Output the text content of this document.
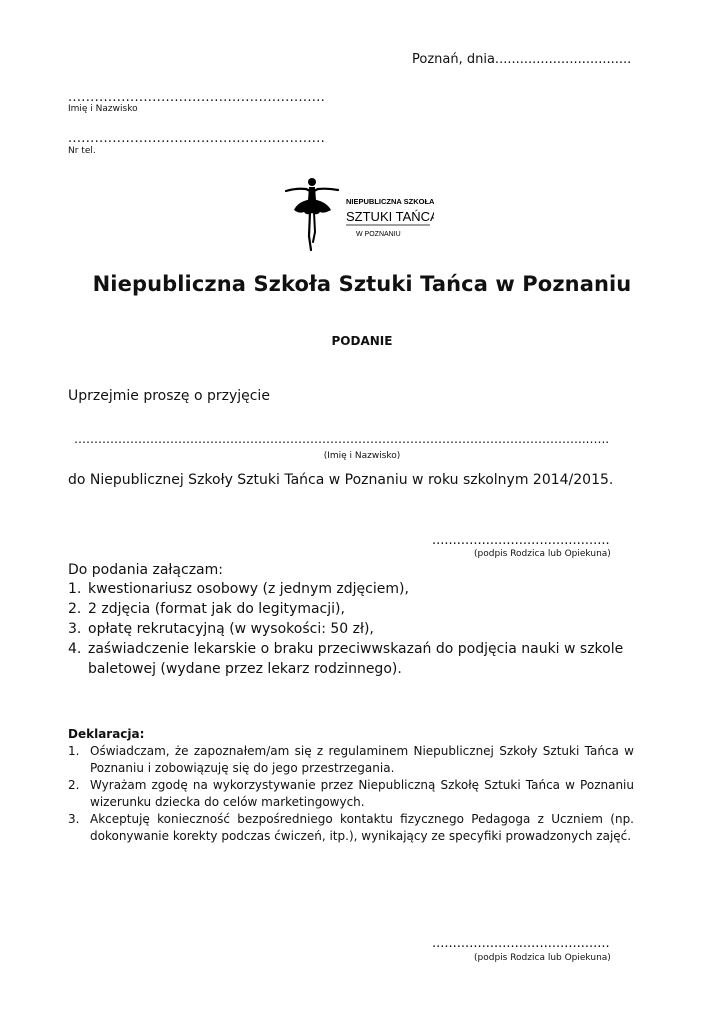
Poznań, dnia.................................
..........................................................
Imię i Nazwisko
..........................................................
Nr tel.
NIEPUBLICZNA SZKOŁA
SZTUKI TAŃCA
W POZNANIU
Niepubliczna Szkoła Sztuki Tańca w Poznaniu
PODANIE
Uprzejmie proszę o przyjęcie
………………………………………………………………………………………………………………...…..
(Imię i Nazwisko)
do Niepublicznej Szkoły Sztuki Tańca w Poznaniu w roku szkolnym 2014/2015.
...........................................
(podpis Rodzica lub Opiekuna)
Do podania załączam:
1. kwestionariusz osobowy (z jednym zdjęciem),
2. 2 zdjęcia (format jak do legitymacji),
3. opłatę rekrutacyjną (w wysokości: 50 zł),
4. zaświadczenie lekarskie o braku przeciwwskazań do podjęcia nauki w szkole baletowej (wydane przez lekarz rodzinnego).
Deklaracja:
1. Oświadczam, że zapoznałem/am się z regulaminem Niepublicznej Szkoły Sztuki Tańca w Poznaniu i zobowiązuję się do jego przestrzegania.
2. Wyrażam zgodę na wykorzystywanie przez Niepubliczną Szkołę Sztuki Tańca w Poznaniu wizerunku dziecka do celów marketingowych.
3. Akceptuję konieczność bezpośredniego kontaktu fizycznego Pedagoga z Uczniem (np. dokonywanie korekty podczas ćwiczeń, itp.), wynikający ze specyfiki prowadzonych zajęć.
...........................................
(podpis Rodzica lub Opiekuna)
